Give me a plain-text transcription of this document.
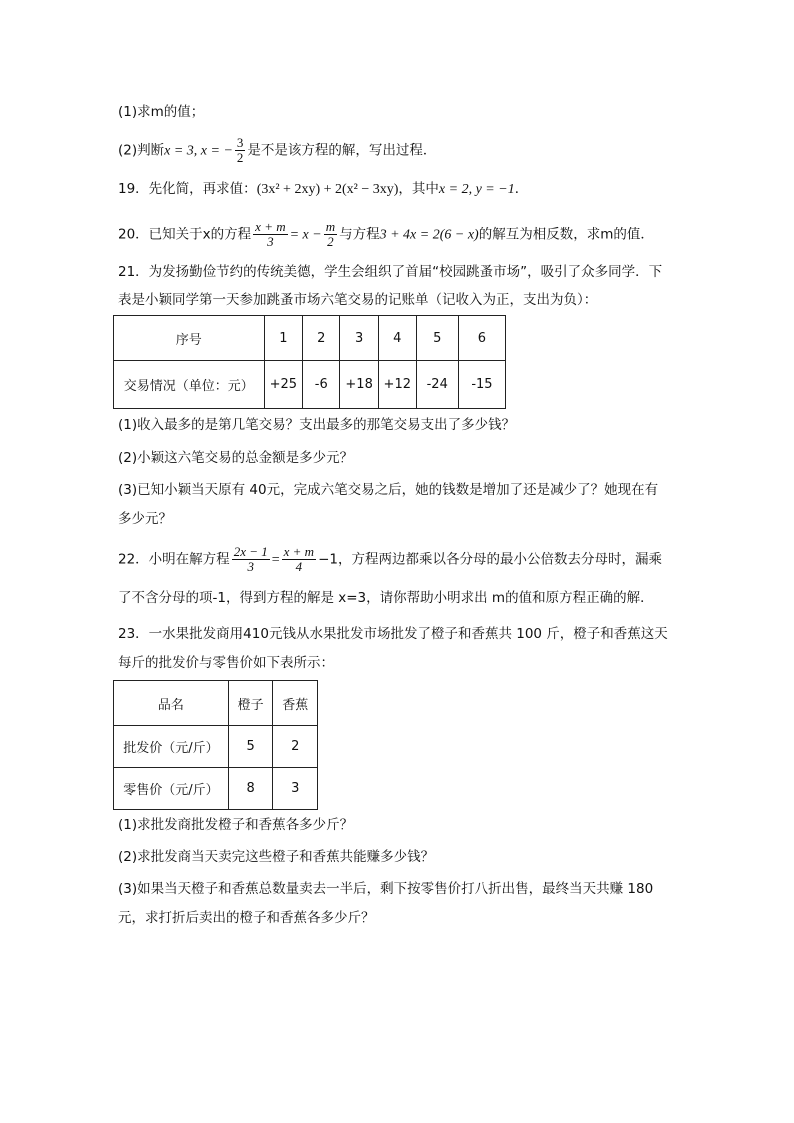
(1)求m的值；
(2)判断x = 3, x = − $\frac{3}{2}$ 是不是该方程的解，写出过程．
19．先化简，再求值：(3x² + 2xy) + 2(x² − 3xy)，其中x = 2, y = −1．
20．已知关于x的方程 $\frac{x + m}{3} = x - \frac{m}{2}$ 与方程3 + 4x = 2(6 − x)的解互为相反数，求m的值．
21．为发扬勤俭节约的传统美德，学生会组织了首届“校园跳蚤市场”，吸引了众多同学．下
表是小颖同学第一天参加跳蚤市场六笔交易的记账单（记收入为正，支出为负）：
序号	1	2	3	4	5	6
交易情况（单位：元）	+25	-6	+18	+12	-24	-15
(1)收入最多的是第几笔交易？支出最多的那笔交易支出了多少钱？
(2)小颖这六笔交易的总金额是多少元？
(3)已知小颖当天原有 40元，完成六笔交易之后，她的钱数是增加了还是减少了？她现在有
多少元？
22．小明在解方程 $\frac{2x - 1}{3} = \frac{x + m}{4} -1$，方程两边都乘以各分母的最小公倍数去分母时，漏乘
了不含分母的项-1，得到方程的解是 x=3，请你帮助小明求出 m的值和原方程正确的解．
23．一水果批发商用410元钱从水果批发市场批发了橙子和香蕉共 100 斤，橙子和香蕉这天
每斤的批发价与零售价如下表所示：
品名	橙子	香蕉
批发价（元/斤）	5	2
零售价（元/斤）	8	3
(1)求批发商批发橙子和香蕉各多少斤？
(2)求批发商当天卖完这些橙子和香蕉共能赚多少钱？
(3)如果当天橙子和香蕉总数量卖去一半后，剩下按零售价打八折出售，最终当天共赚 180
元，求打折后卖出的橙子和香蕉各多少斤？
